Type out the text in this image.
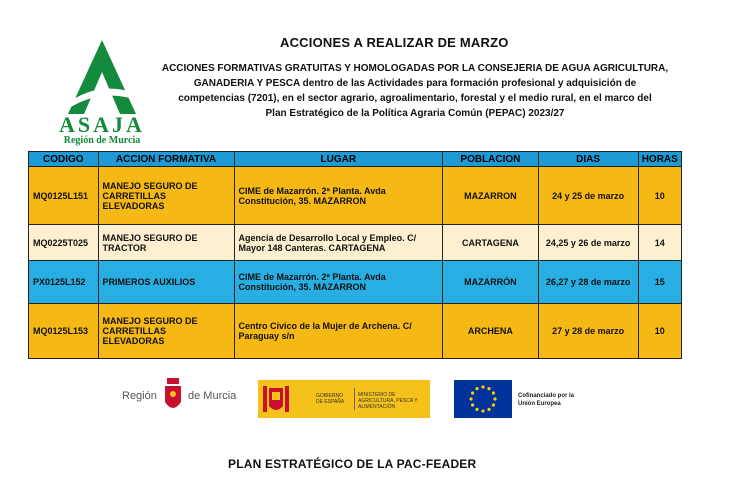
ASAJA
Región de Murcia
ACCIONES A REALIZAR DE MARZO
ACCIONES FORMATIVAS GRATUITAS Y HOMOLOGADAS POR LA CONSEJERIA DE AGUA AGRICULTURA,
GANADERIA Y PESCA dentro de las Actividades para formación profesional y adquisición de
competencias (7201), en el sector agrario, agroalimentario, forestal y el medio rural, en el marco del
Plan Estratégico de la Política Agraria Común (PEPAC) 2023/27
CODIGO	ACCION FORMATIVA	LUGAR	POBLACION	DIAS	HORAS
MQ0125L151	MANEJO SEGURO DE CARRETILLAS ELEVADORAS	CIME de Mazarrón. 2ª Planta. Avda Constitución, 35. MAZARRON	MAZARRON	24 y 25 de marzo	10
MQ0225T025	MANEJO SEGURO DE TRACTOR	Agencia de Desarrollo Local y Empleo. C/ Mayor 148 Canteras. CARTAGENA	CARTAGENA	24,25 y 26 de marzo	14
PX0125L152	PRIMEROS AUXILIOS	CIME de Mazarrón. 2ª Planta. Avda Constitución, 35. MAZARRON	MAZARRÓN	26,27 y 28 de marzo	15
MQ0125L153	MANEJO SEGURO DE CARRETILLAS ELEVADORAS	Centro Cívico de la Mujer de Archena. C/ Paraguay s/n	ARCHENA	27 y 28 de marzo	10
Región	de Murcia	GOBIERNO DE ESPAÑA
MINISTERIO DE AGRICULTURA, PESCA Y ALIMENTACIÓN
Cofinanciado por la
Unión Europea
PLAN ESTRATÉGICO DE LA PAC-FEADER
